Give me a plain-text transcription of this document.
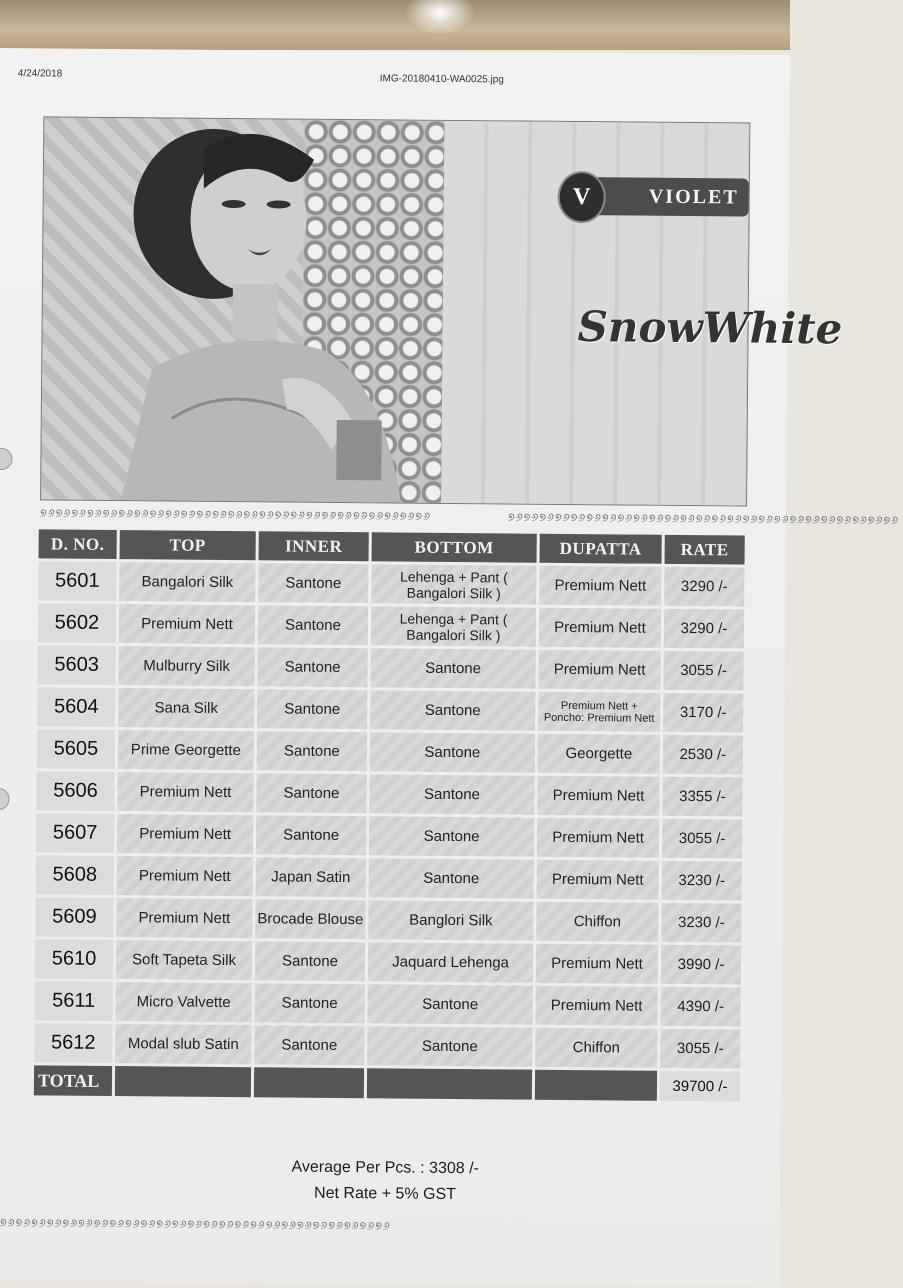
4/24/2018	IMG-20180410-WA0025.jpg
V	VIOLET
SnowWhite
୭୬୭୬୭୬୭୬୭୬୭୬୭୬୭୬୭୬୭୬୭୬୭୬୭୬୭୬୭୬୭୬୭୬୭୬୭୬୭୬୭୬୭୬୭୬୭୬୭୬	୭୬୭୬୭୬୭୬୭୬୭୬୭୬୭୬୭୬୭୬୭୬୭୬୭୬୭୬୭୬୭୬୭୬୭୬୭୬୭୬୭୬୭୬୭୬୭୬୭୬
D. NO.	TOP	INNER	BOTTOM	DUPATTA	RATE
5601	Bangalori Silk	Santone	Lehenga + Pant ( Bangalori Silk )	Premium Nett	3290 /-
5602	Premium Nett	Santone	Lehenga + Pant ( Bangalori Silk )	Premium Nett	3290 /-
5603	Mulburry Silk	Santone	Santone	Premium Nett	3055 /-
5604	Sana Silk	Santone	Santone	Premium Nett + Poncho: Premium Nett	3170 /-
5605	Prime Georgette	Santone	Santone	Georgette	2530 /-
5606	Premium Nett	Santone	Santone	Premium Nett	3355 /-
5607	Premium Nett	Santone	Santone	Premium Nett	3055 /-
5608	Premium Nett	Japan Satin	Santone	Premium Nett	3230 /-
5609	Premium Nett	Brocade Blouse	Banglori Silk	Chiffon	3230 /-
5610	Soft Tapeta Silk	Santone	Jaquard Lehenga	Premium Nett	3990 /-
5611	Micro Valvette	Santone	Santone	Premium Nett	4390 /-
5612	Modal slub Satin	Santone	Santone	Chiffon	3055 /-
TOTAL					39700 /-
Average Per Pcs. : 3308 /-
Net Rate + 5% GST
୭୬୭୬୭୬୭୬୭୬୭୬୭୬୭୬୭୬୭୬୭୬୭୬୭୬୭୬୭୬୭୬୭୬୭୬୭୬୭୬୭୬୭୬୭୬୭୬୭୬
